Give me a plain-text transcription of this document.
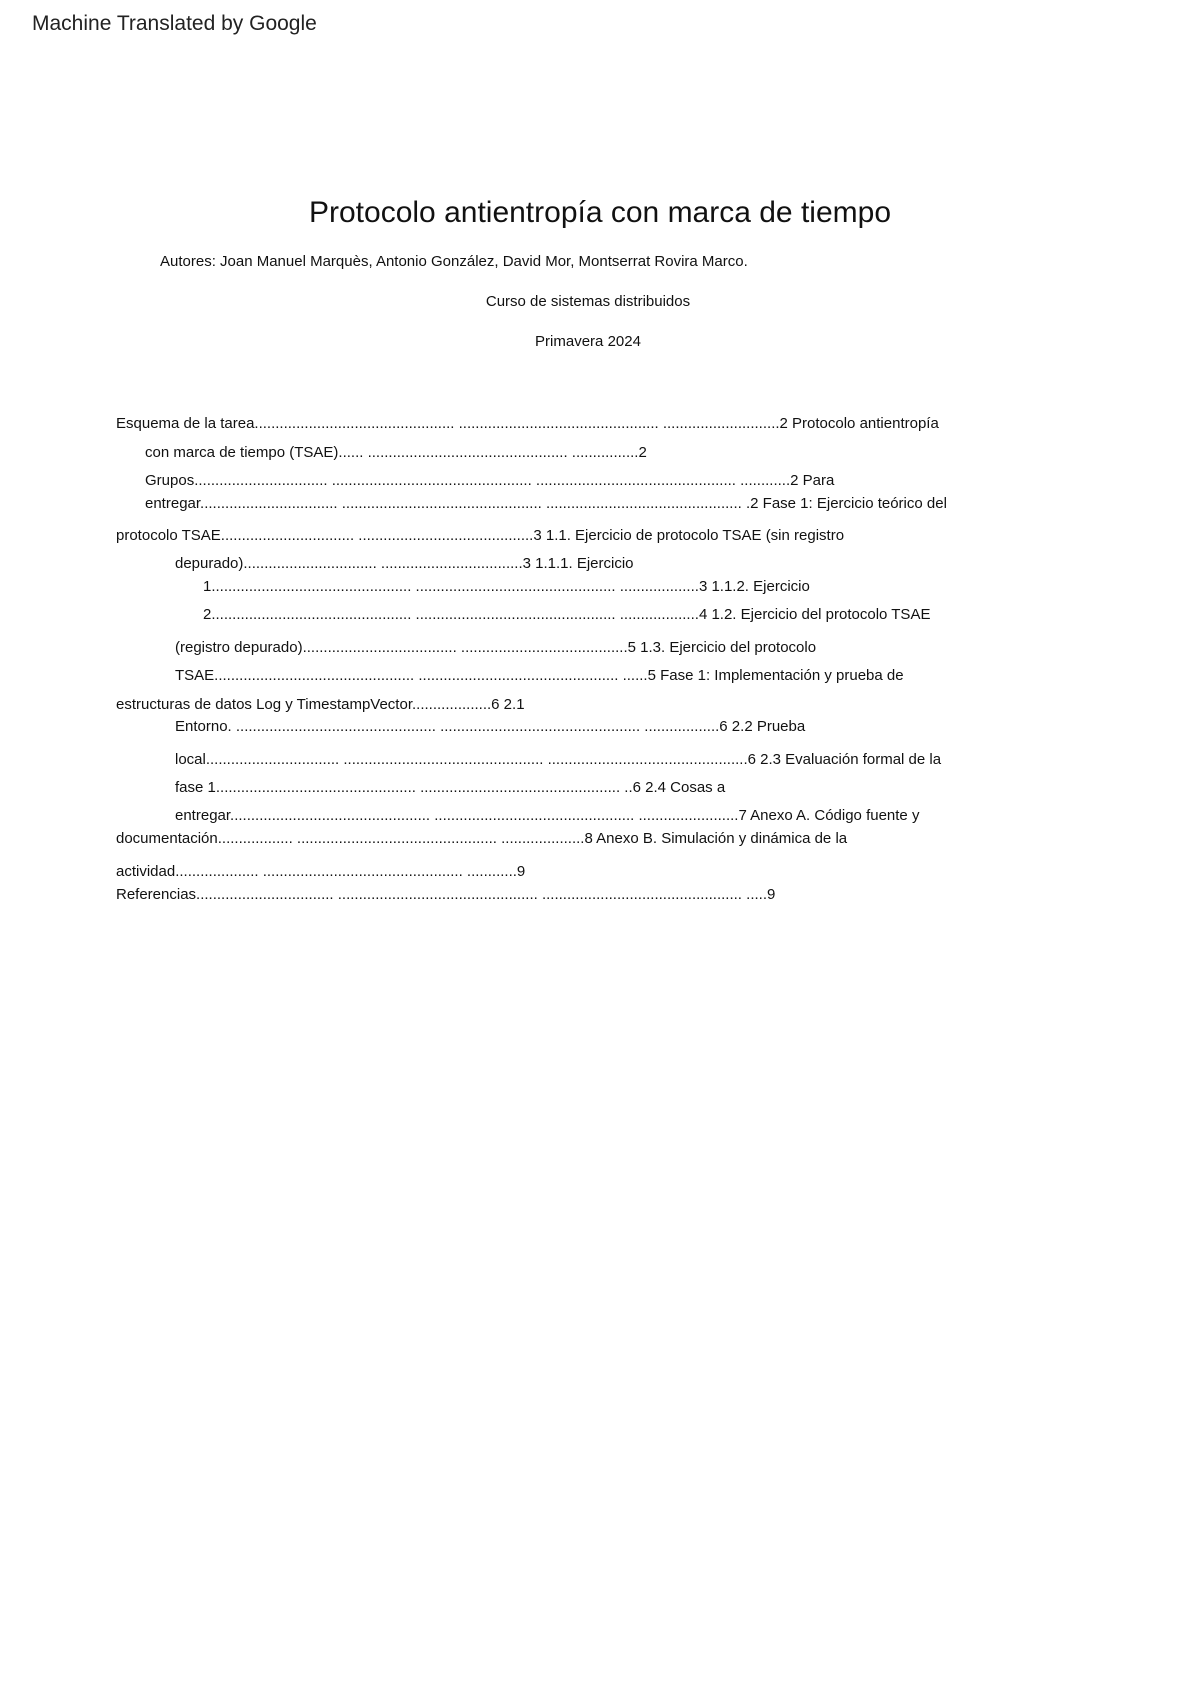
Machine Translated by Google
Protocolo antientropía con marca de tiempo
Autores: Joan Manuel Marquès, Antonio González, David Mor, Montserrat Rovira Marco.
Curso de sistemas distribuidos
Primavera 2024
Esquema de la tarea................................................ ................................................ ............................2 Protocolo antientropía
con marca de tiempo (TSAE)...... ................................................ ................2
Grupos................................ ................................................ ................................................ ............2 Para
entregar................................. ................................................ ............................................... .2 Fase 1: Ejercicio teórico del
protocolo TSAE................................ ..........................................3 1.1. Ejercicio de protocolo TSAE (sin registro
depurado)................................ ..................................3 1.1.1. Ejercicio
1................................................ ................................................ ...................3 1.1.2. Ejercicio
2................................................ ................................................ ...................4 1.2. Ejercicio del protocolo TSAE
(registro depurado)..................................... ........................................5 1.3. Ejercicio del protocolo
TSAE................................................ ................................................ ......5 Fase 1: Implementación y prueba de
estructuras de datos Log y TimestampVector...................6 2.1
Entorno. ................................................ ................................................ ..................6 2.2 Prueba
local................................ ................................................ ................................................6 2.3 Evaluación formal de la
fase 1................................................ ................................................ ..6 2.4 Cosas a
entregar................................................ ................................................ ........................7 Anexo A. Código fuente y
documentación.................. ................................................ ....................8 Anexo B. Simulación y dinámica de la
actividad.................... ................................................ ............9
Referencias................................. ................................................ ................................................ .....9
